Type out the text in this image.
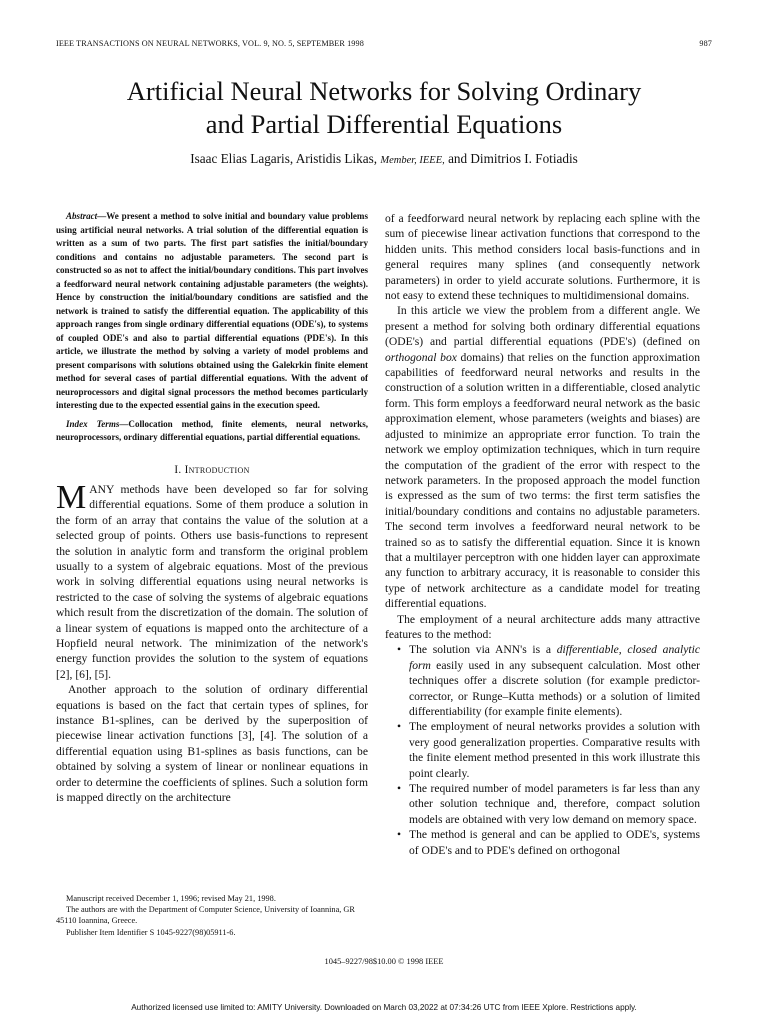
IEEE TRANSACTIONS ON NEURAL NETWORKS, VOL. 9, NO. 5, SEPTEMBER 1998	987
Artificial Neural Networks for Solving Ordinary
and Partial Differential Equations
Isaac Elias Lagaris, Aristidis Likas, Member, IEEE, and Dimitrios I. Fotiadis

Abstract—We present a method to solve initial and boundary value problems using artificial neural networks. A trial solution of the differential equation is written as a sum of two parts. The first part satisfies the initial/boundary conditions and contains no adjustable parameters. The second part is constructed so as not to affect the initial/boundary conditions. This part involves a feedforward neural network containing adjustable parameters (the weights). Hence by construction the initial/boundary conditions are satisfied and the network is trained to satisfy the differential equation. The applicability of this approach ranges from single ordinary differential equations (ODE's), to systems of coupled ODE's and also to partial differential equations (PDE's). In this article, we illustrate the method by solving a variety of model problems and present comparisons with solutions obtained using the Galekrkin finite element method for several cases of partial differential equations. With the advent of neuroprocessors and digital signal processors the method becomes particularly interesting due to the expected essential gains in the execution speed.

Index Terms—Collocation method, finite elements, neural networks, neuroprocessors, ordinary differential equations, partial differential equations.

I. Introduction

MANY methods have been developed so far for solving differential equations. Some of them produce a solution in the form of an array that contains the value of the solution at a selected group of points. Others use basis-functions to represent the solution in analytic form and transform the original problem usually to a system of algebraic equations. Most of the previous work in solving differential equations using neural networks is restricted to the case of solving the systems of algebraic equations which result from the discretization of the domain. The solution of a linear system of equations is mapped onto the architecture of a Hopfield neural network. The minimization of the network's energy function provides the solution to the system of equations [2], [6], [5].

Another approach to the solution of ordinary differential equations is based on the fact that certain types of splines, for instance B1-splines, can be derived by the superposition of piecewise linear activation functions [3], [4]. The solution of a differential equation using B1-splines as basis functions, can be obtained by solving a system of linear or nonlinear equations in order to determine the coefficients of splines. Such a solution form is mapped directly on the architecture

Manuscript received December 1, 1996; revised May 21, 1998.

The authors are with the Department of Computer Science, University of Ioannina, GR 45110 Ioannina, Greece.

Publisher Item Identifier S 1045-9227(98)05911-6.

of a feedforward neural network by replacing each spline with the sum of piecewise linear activation functions that correspond to the hidden units. This method considers local basis-functions and in general requires many splines (and consequently network parameters) in order to yield accurate solutions. Furthermore, it is not easy to extend these techniques to multidimensional domains.

In this article we view the problem from a different angle. We present a method for solving both ordinary differential equations (ODE's) and partial differential equations (PDE's) (defined on orthogonal box domains) that relies on the function approximation capabilities of feedforward neural networks and results in the construction of a solution written in a differentiable, closed analytic form. This form employs a feedforward neural network as the basic approximation element, whose parameters (weights and biases) are adjusted to minimize an appropriate error function. To train the network we employ optimization techniques, which in turn require the computation of the gradient of the error with respect to the network parameters. In the proposed approach the model function is expressed as the sum of two terms: the first term satisfies the initial/boundary conditions and contains no adjustable parameters. The second term involves a feedforward neural network to be trained so as to satisfy the differential equation. Since it is known that a multilayer perceptron with one hidden layer can approximate any function to arbitrary accuracy, it is reasonable to consider this type of network architecture as a candidate model for treating differential equations.

The employment of a neural architecture adds many attractive features to the method:

• The solution via ANN's is a differentiable, closed analytic form easily used in any subsequent calculation. Most other techniques offer a discrete solution (for example predictor-corrector, or Runge–Kutta methods) or a solution of limited differentiability (for example finite elements).
• The employment of neural networks provides a solution with very good generalization properties. Comparative results with the finite element method presented in this work illustrate this point clearly.
• The required number of model parameters is far less than any other solution technique and, therefore, compact solution models are obtained with very low demand on memory space.
• The method is general and can be applied to ODE's, systems of ODE's and to PDE's defined on orthogonal
1045–9227/98$10.00 © 1998 IEEE
Authorized licensed use limited to: AMITY University. Downloaded on March 03,2022 at 07:34:26 UTC from IEEE Xplore. Restrictions apply.
